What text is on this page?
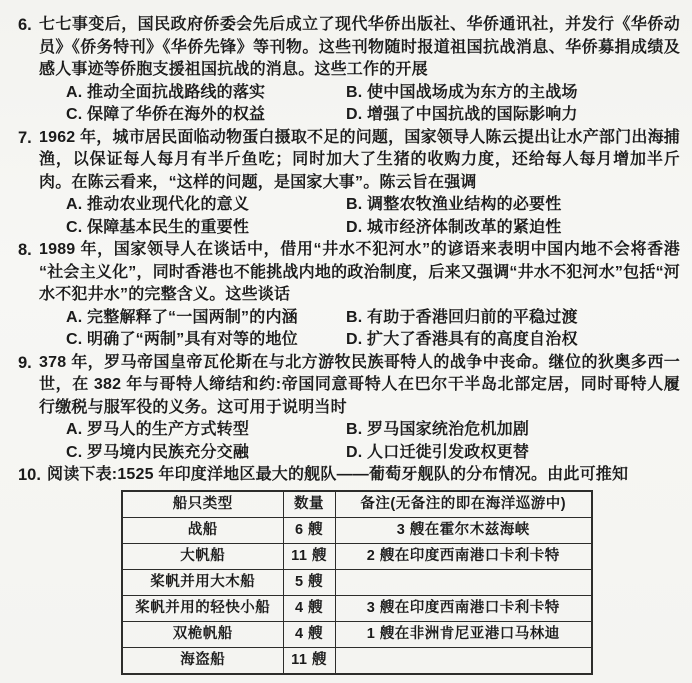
6. 七七事变后，国民政府侨委会先后成立了现代华侨出版社、华侨通讯社，并发行《华侨动员》《侨务特刊》《华侨先锋》等刊物。这些刊物随时报道祖国抗战消息、华侨募捐成绩及感人事迹等侨胞支援祖国抗战的消息。这些工作的开展
A. 推动全面抗战路线的落实	B. 使中国战场成为东方的主战场
C. 保障了华侨在海外的权益	D. 增强了中国抗战的国际影响力
7. 1962 年，城市居民面临动物蛋白摄取不足的问题，国家领导人陈云提出让水产部门出海捕渔，以保证每人每月有半斤鱼吃；同时加大了生猪的收购力度，还给每人每月增加半斤肉。在陈云看来，“这样的问题，是国家大事”。陈云旨在强调
A. 推动农业现代化的意义	B. 调整农牧渔业结构的必要性
C. 保障基本民生的重要性	D. 城市经济体制改革的紧迫性
8. 1989 年，国家领导人在谈话中，借用“井水不犯河水”的谚语来表明中国内地不会将香港“社会主义化”，同时香港也不能挑战内地的政治制度，后来又强调“井水不犯河水”包括“河水不犯井水”的完整含义。这些谈话
A. 完整解释了“一国两制”的内涵	B. 有助于香港回归前的平稳过渡
C. 明确了“两制”具有对等的地位	D. 扩大了香港具有的高度自治权
9. 378 年，罗马帝国皇帝瓦伦斯在与北方游牧民族哥特人的战争中丧命。继位的狄奥多西一世，在 382 年与哥特人缔结和约:帝国同意哥特人在巴尔干半岛北部定居，同时哥特人履行缴税与服军役的义务。这可用于说明当时
A. 罗马人的生产方式转型	B. 罗马国家统治危机加剧
C. 罗马境内民族充分交融	D. 人口迁徙引发政权更替
10. 阅读下表:1525 年印度洋地区最大的舰队——葡萄牙舰队的分布情况。由此可推知
船只类型	数量	备注(无备注的即在海洋巡游中)
战船	6 艘	3 艘在霍尔木兹海峡
大帆船	11 艘	2 艘在印度西南港口卡利卡特
桨帆并用大木船	5 艘	
桨帆并用的轻快小船	4 艘	3 艘在印度西南港口卡利卡特
双桅帆船	4 艘	1 艘在非洲肯尼亚港口马林迪
海盗船	11 艘	
